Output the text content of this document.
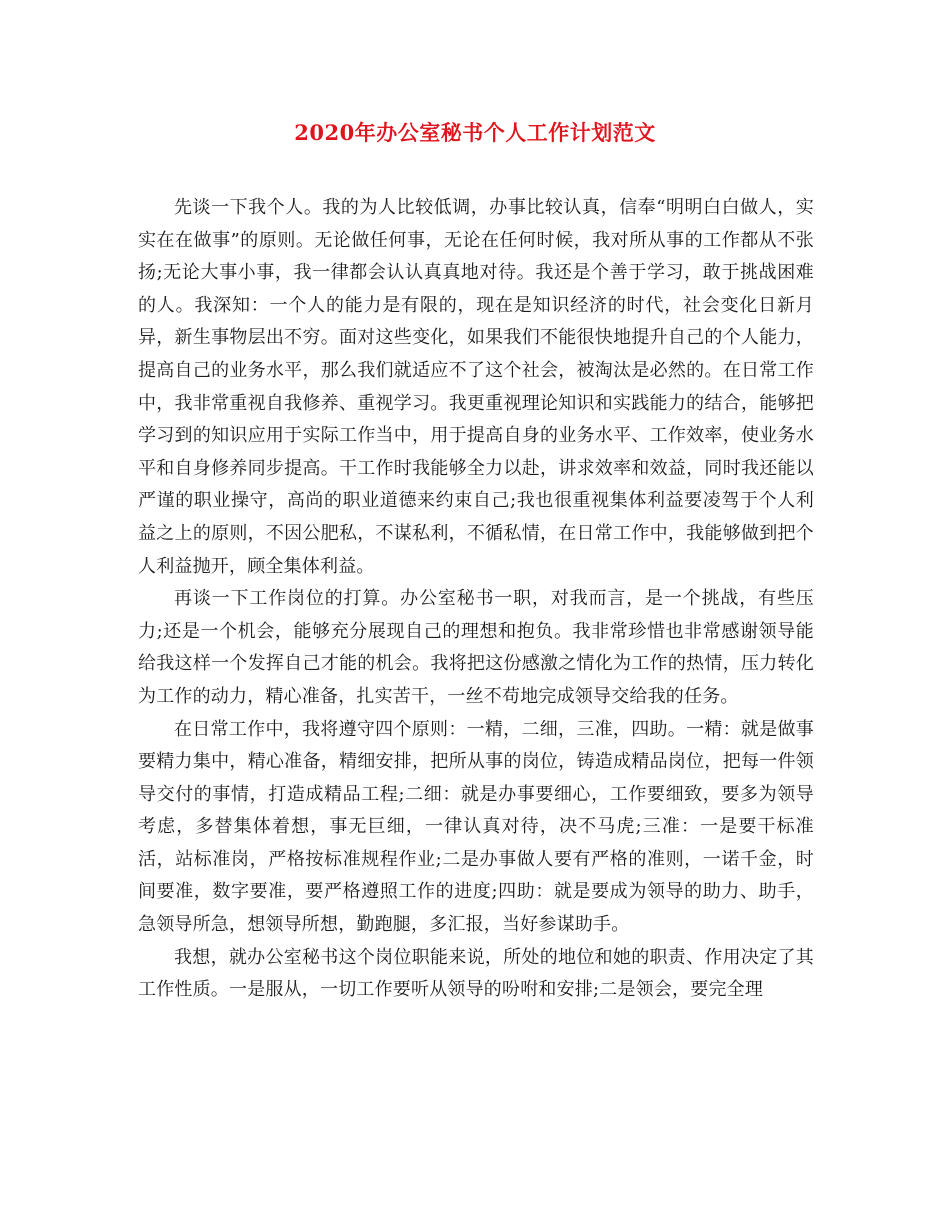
2020年办公室秘书个人工作计划范文

先谈一下我个人。我的为人比较低调，办事比较认真，信奉“明明白白做人，实实在在做事”的原则。无论做任何事，无论在任何时候，我对所从事的工作都从不张扬;无论大事小事，我一律都会认认真真地对待。我还是个善于学习，敢于挑战困难的人。我深知：一个人的能力是有限的，现在是知识经济的时代，社会变化日新月异，新生事物层出不穷。面对这些变化，如果我们不能很快地提升自己的个人能力，提高自己的业务水平，那么我们就适应不了这个社会，被淘汰是必然的。在日常工作中，我非常重视自我修养、重视学习。我更重视理论知识和实践能力的结合，能够把学习到的知识应用于实际工作当中，用于提高自身的业务水平、工作效率，使业务水平和自身修养同步提高。干工作时我能够全力以赴，讲求效率和效益，同时我还能以严谨的职业操守，高尚的职业道德来约束自己;我也很重视集体利益要凌驾于个人利益之上的原则，不因公肥私，不谋私利，不循私情，在日常工作中，我能够做到把个人利益抛开，顾全集体利益。

再谈一下工作岗位的打算。办公室秘书一职，对我而言，是一个挑战，有些压力;还是一个机会，能够充分展现自己的理想和抱负。我非常珍惜也非常感谢领导能给我这样一个发挥自己才能的机会。我将把这份感激之情化为工作的热情，压力转化为工作的动力，精心准备，扎实苦干，一丝不苟地完成领导交给我的任务。

在日常工作中，我将遵守四个原则：一精，二细，三准，四助。一精：就是做事要精力集中，精心准备，精细安排，把所从事的岗位，铸造成精品岗位，把每一件领导交付的事情，打造成精品工程;二细：就是办事要细心，工作要细致，要多为领导考虑，多替集体着想，事无巨细，一律认真对待，决不马虎;三准：一是要干标准活，站标准岗，严格按标准规程作业;二是办事做人要有严格的准则，一诺千金，时间要准，数字要准，要严格遵照工作的进度;四助：就是要成为领导的助力、助手，急领导所急，想领导所想，勤跑腿，多汇报，当好参谋助手。

我想，就办公室秘书这个岗位职能来说，所处的地位和她的职责、作用决定了其工作性质。一是服从，一切工作要听从领导的吩咐和安排;二是领会，要完全理
